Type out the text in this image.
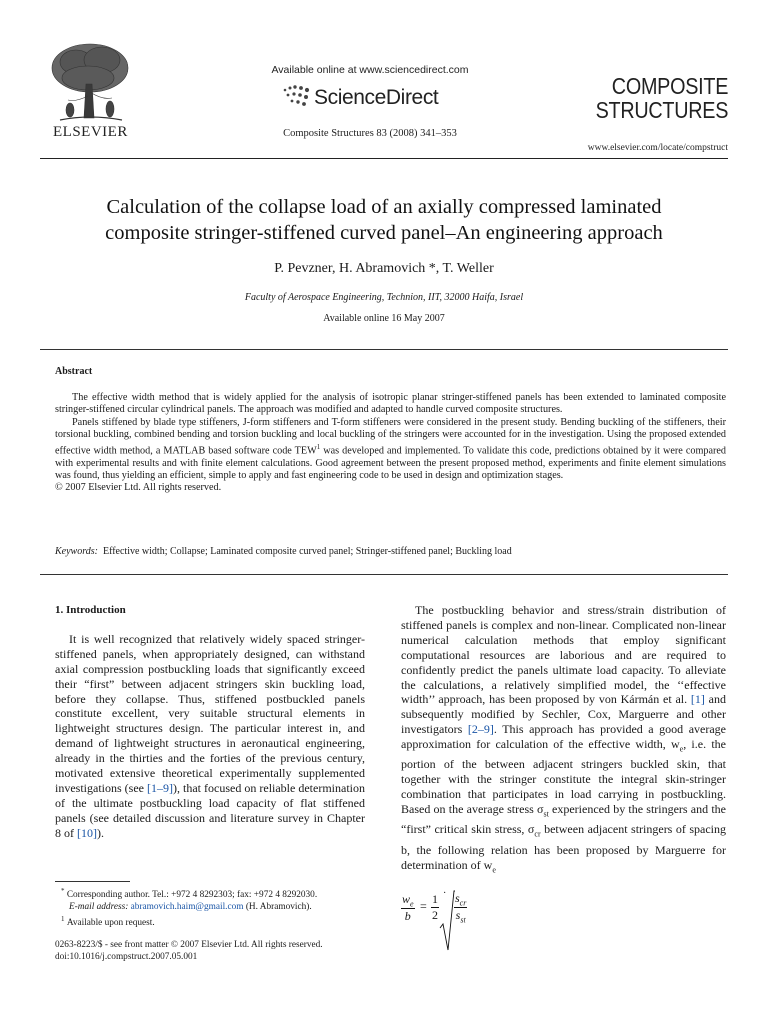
ELSEVIER
Available online at www.sciencedirect.com
ScienceDirect
Composite Structures 83 (2008) 341–353
COMPOSITE
STRUCTURES
www.elsevier.com/locate/compstruct
Calculation of the collapse load of an axially compressed laminated
composite stringer-stiffened curved panel–An engineering approach
P. Pevzner, H. Abramovich *, T. Weller
Faculty of Aerospace Engineering, Technion, IIT, 32000 Haifa, Israel
Available online 16 May 2007
Abstract

The effective width method that is widely applied for the analysis of isotropic planar stringer-stiffened panels has been extended to laminated composite stringer-stiffened circular cylindrical panels. The approach was modified and adapted to handle curved composite structures.

Panels stiffened by blade type stiffeners, J-form stiffeners and T-form stiffeners were considered in the present study. Bending buckling of the stiffeners, their torsional buckling, combined bending and torsion buckling and local buckling of the stringers were accounted for in the investigation. Using the proposed extended effective width method, a MATLAB based software code TEW$^1$ was developed and implemented. To validate this code, predictions obtained by it were compared with experimental results and with finite element calculations. Good agreement between the present proposed method, experiments and finite element simulations was found, thus yielding an efficient, simple to apply and fast engineering code to be used in design and optimization stages.

© 2007 Elsevier Ltd. All rights reserved.

Keywords: Effective width; Collapse; Laminated composite curved panel; Stringer-stiffened panel; Buckling load
1. Introduction

It is well recognized that relatively widely spaced stringer-stiffened panels, when appropriately designed, can withstand axial compression postbuckling loads that significantly exceed their “first” between adjacent stringers skin buckling load, before they collapse. Thus, stiffened postbuckled panels constitute excellent, very suitable structural elements in lightweight structures design. The particular interest in, and demand of lightweight structures in aeronautical engineering, already in the thirties and the forties of the previous century, motivated extensive theoretical experimentally supplemented investigations (see [1–9]), that focused on reliable determination of the ultimate postbuckling load capacity of flat stiffened panels (see detailed discussion and literature survey in Chapter 8 of [10]).

The postbuckling behavior and stress/strain distribution of stiffened panels is complex and non-linear. Complicated non-linear numerical calculation methods that employ significant computational resources are laborious and are required to confidently predict the panels ultimate load capacity. To alleviate the calculations, a relatively simplified model, the ‘‘effective width’’ approach, has been proposed by von Kármán et al. [1] and subsequently modified by Sechler, Cox, Marguerre and other investigators [2–9]. This approach has provided a good average approximation for calculation of the effective width, $w_e$, i.e. the portion of the between adjacent stringers buckled skin, that together with the stringer constitute the integral skin-stringer combination that participates in load carrying in postbuckling. Based on the average stress $\sigma_{st}$ experienced by the stringers and the “first” critical skin stress, $\sigma_{cr}$ between adjacent stringers of spacing b, the following relation has been proposed by Marguerre for determination of $w_e$

$\frac{w_e}{b} = \frac{1}{2} \cdot s_{cr}$
$s_{st}$
* Corresponding author. Tel.: +972 4 8292303; fax: +972 4 8292030.
E-mail address: abramovich.haim@gmail.com (H. Abramovich).
$^1$ Available upon request.
0263-8223/$ - see front matter © 2007 Elsevier Ltd. All rights reserved.
doi:10.1016/j.compstruct.2007.05.001
